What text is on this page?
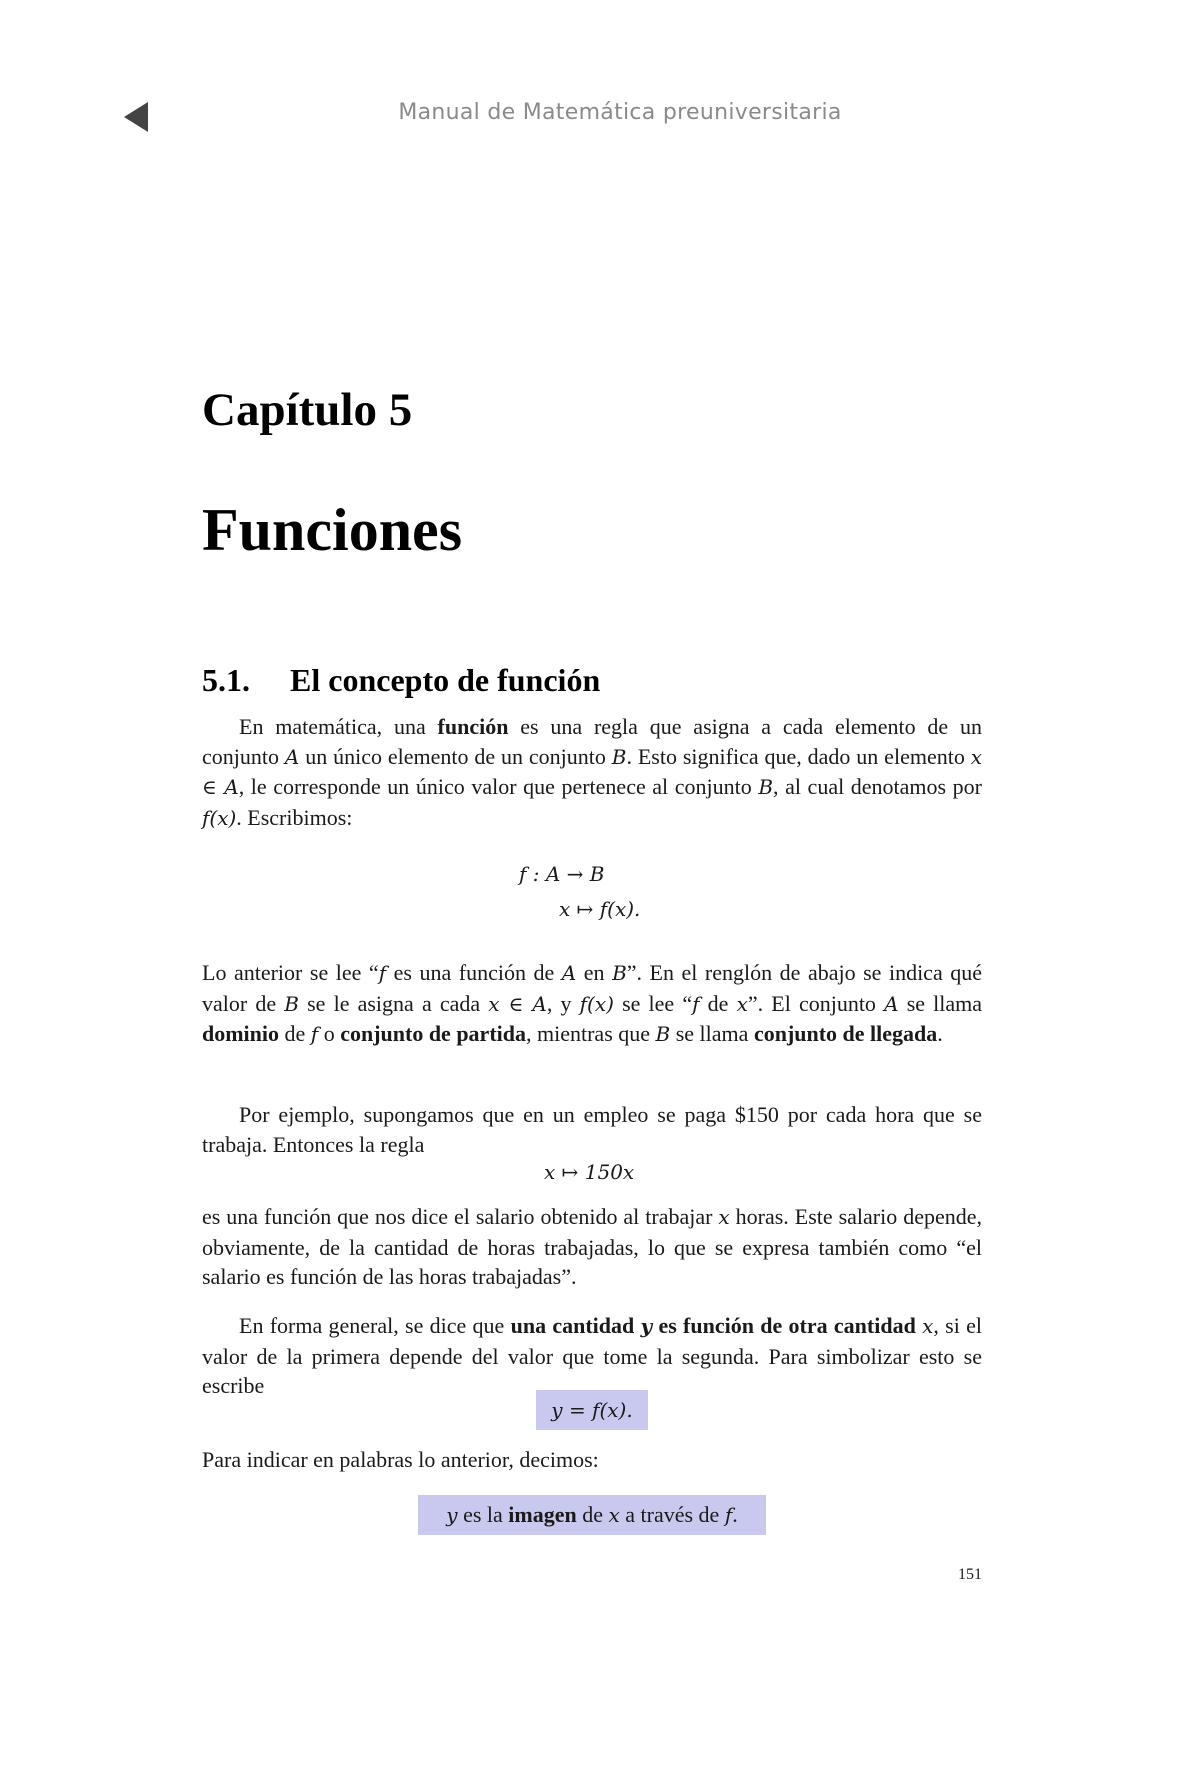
Manual de Matemática preuniversitaria
Capítulo 5
Funciones
5.1. El concepto de función

En matemática, una función es una regla que asigna a cada elemento de un conjunto A un único elemento de un conjunto B. Esto significa que, dado un elemento x ∈ A, le corresponde un único valor que pertenece al conjunto B, al cual denotamos por f(x). Escribimos:

f : A → B
x ↦ f(x).

Lo anterior se lee “f es una función de A en B”. En el renglón de abajo se indica qué valor de B se le asigna a cada x ∈ A, y f(x) se lee “f de x”. El conjunto A se llama dominio de f o conjunto de partida, mientras que B se llama conjunto de llegada.

Por ejemplo, supongamos que en un empleo se paga $150 por cada hora que se trabaja. Entonces la regla

x ↦ 150x

es una función que nos dice el salario obtenido al trabajar x horas. Este salario depende, obviamente, de la cantidad de horas trabajadas, lo que se expresa también como “el salario es función de las horas trabajadas”.

En forma general, se dice que una cantidad y es función de otra cantidad x, si el valor de la primera depende del valor que tome la segunda. Para simbolizar esto se escribe

y = f(x).

Para indicar en palabras lo anterior, decimos:

y es la imagen de x a través de f.
151
